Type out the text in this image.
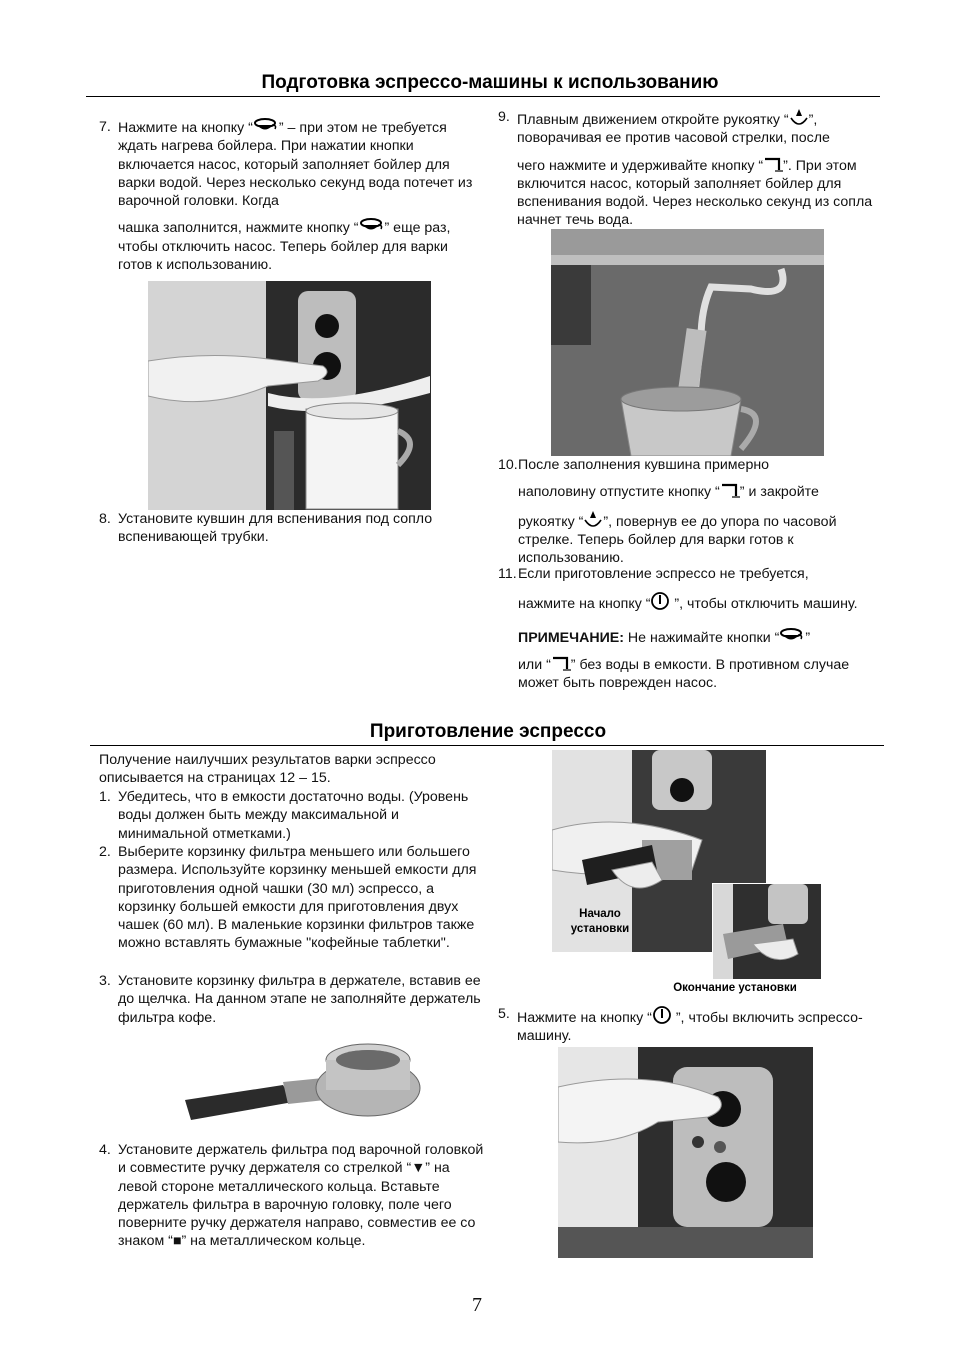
Подготовка эспрессо-машины к использованию
7. Нажмите на кнопку “ ” – при этом не требуется ждать нагрева бойлера. При нажатии кнопки включается насос, который заполняет бойлер для варки водой. Через несколько секунд вода потечет из варочной головки. Когда
чашка заполнится, нажмите кнопку “ ” еще раз, чтобы отключить насос. Теперь бойлер для варки готов к использованию.
8. Установите кувшин для вспенивания под сопло вспенивающей трубки.
9. Плавным движением откройте рукоятку “ ”, поворачивая ее против часовой стрелки, после
чего нажмите и удерживайте кнопку “ ”. При этом включится насос, который заполняет бойлер для вспенивания водой. Через несколько секунд из сопла начнет течь вода.
10. После заполнения кувшина примерно
наполовину отпустите кнопку “ ” и закройте
рукоятку “ ”, повернув ее до упора по часовой стрелке. Теперь бойлер для варки готов к использованию.
11. Если приготовление эспрессо не требуется,
нажмите на кнопку “ ”, чтобы отключить машину.
ПРИМЕЧАНИЕ: Не нажимайте кнопки “ ”
или “ ” без воды в емкости. В противном случае может быть поврежден насос.
Приготовление эспрессо
Получение наилучших результатов варки эспрессо описывается на страницах 12 – 15.
1. Убедитесь, что в емкости достаточно воды. (Уровень воды должен быть между максимальной и минимальной отметками.)
2. Выберите корзинку фильтра меньшего или большего размера. Используйте корзинку меньшей емкости для приготовления одной чашки (30 мл) эспрессо, а корзинку большей емкости для приготовления двух чашек (60 мл). В маленькие корзинки фильтров также можно вставлять бумажные "кофейные таблетки".
3. Установите корзинку фильтра в держателе, вставив ее до щелчка. На данном этапе не заполняйте держатель фильтра кофе.
4. Установите держатель фильтра под варочной головкой и совместите ручку держателя со стрелкой “▼” на левой стороне металлического кольца. Вставьте держатель фильтра в варочную головку, поле чего поверните ручку держателя направо, совместив ее со знаком “■” на металлическом кольце.
Начало установки
Окончание установки
5. Нажмите на кнопку “ ”, чтобы включить эспрессо-машину.
7
